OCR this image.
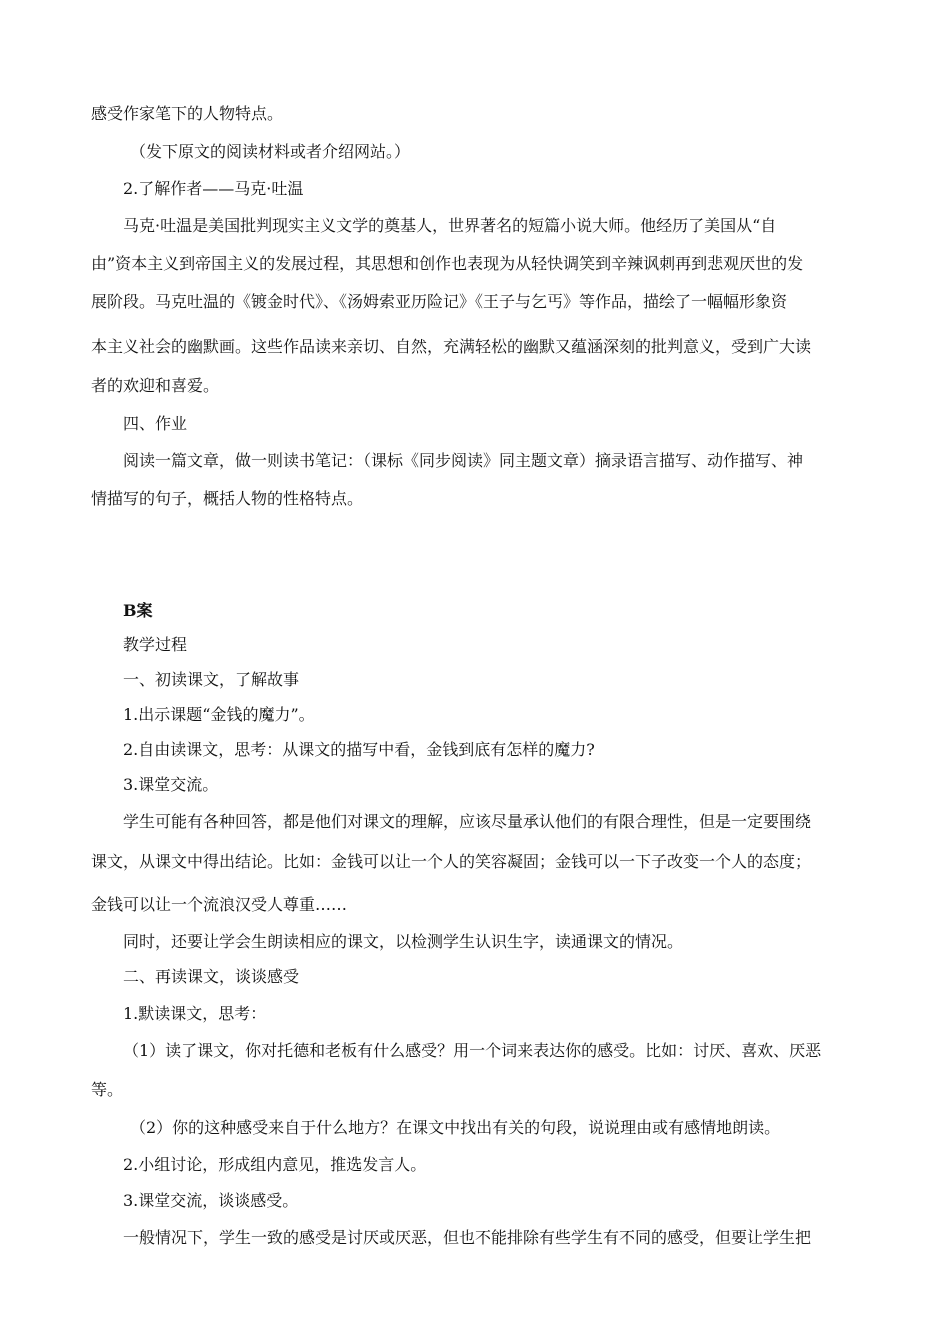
感受作家笔下的人物特点。
（发下原文的阅读材料或者介绍网站。）
2.了解作者——马克·吐温
马克·吐温是美国批判现实主义文学的奠基人，世界著名的短篇小说大师。他经历了美国从“自
由”资本主义到帝国主义的发展过程，其思想和创作也表现为从轻快调笑到辛辣讽刺再到悲观厌世的发
展阶段。马克吐温的《镀金时代》、《汤姆索亚历险记》《王子与乞丐》等作品，描绘了一幅幅形象资
本主义社会的幽默画。这些作品读来亲切、自然，充满轻松的幽默又蕴涵深刻的批判意义，受到广大读
者的欢迎和喜爱。
四、作业
阅读一篇文章，做一则读书笔记：（课标《同步阅读》同主题文章）摘录语言描写、动作描写、神
情描写的句子，概括人物的性格特点。
B案
教学过程
一、初读课文，了解故事
1.出示课题“金钱的魔力”。
2.自由读课文，思考：从课文的描写中看，金钱到底有怎样的魔力?
3.课堂交流。
学生可能有各种回答，都是他们对课文的理解，应该尽量承认他们的有限合理性，但是一定要围绕
课文，从课文中得出结论。比如：金钱可以让一个人的笑容凝固；金钱可以一下子改变一个人的态度；
金钱可以让一个流浪汉受人尊重……
同时，还要让学会生朗读相应的课文，以检测学生认识生字，读通课文的情况。
二、再读课文，谈谈感受
1.默读课文，思考：
（1）读了课文，你对托德和老板有什么感受？用一个词来表达你的感受。比如：讨厌、喜欢、厌恶
等。
（2）你的这种感受来自于什么地方？在课文中找出有关的句段，说说理由或有感情地朗读。
2.小组讨论，形成组内意见，推选发言人。
3.课堂交流，谈谈感受。
一般情况下，学生一致的感受是讨厌或厌恶，但也不能排除有些学生有不同的感受，但要让学生把
